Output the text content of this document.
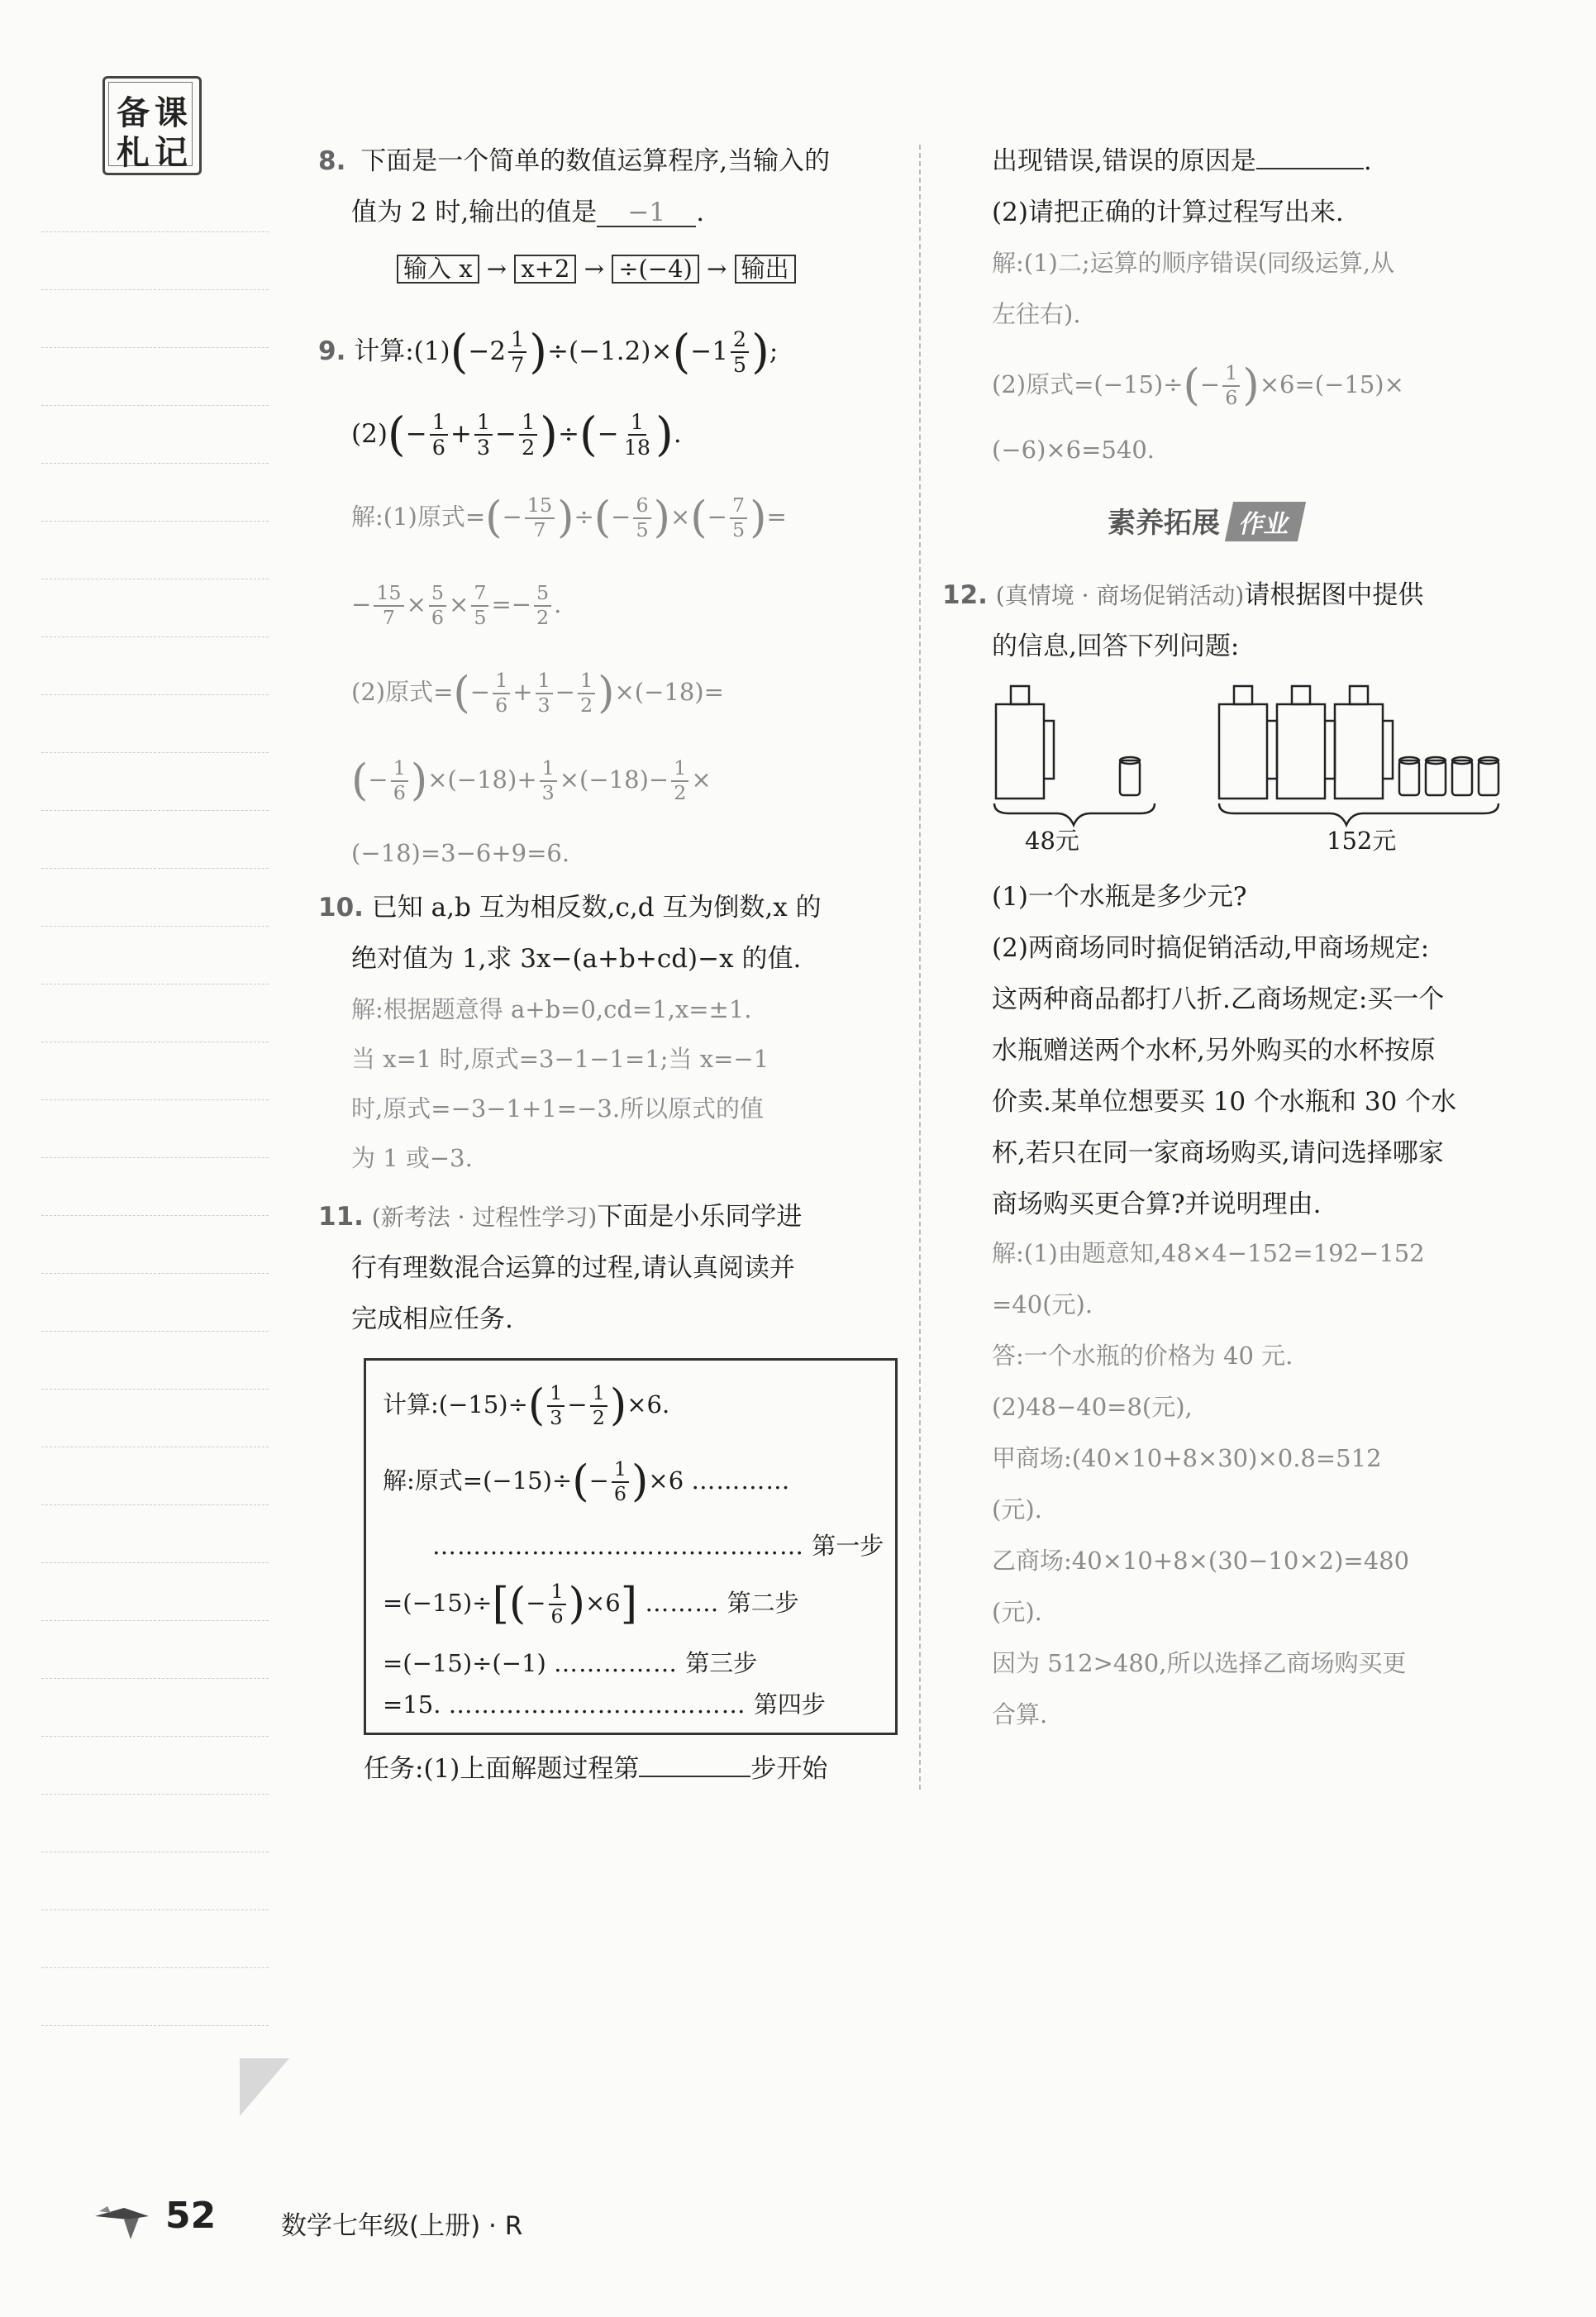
备 课
札 记	8. 下面是一个简单的数值运算程序,当输入的
值为 2 时,输出的值是 −1 .
输入 x → x+2 → ÷(−4) → 输出
9. 计算:(1)(−2 $\frac{1}{7} )\div(-1.2)\times(-1 \frac{2}{5}$ );
$(2)(- \frac{1}{6} + \frac{1}{3} - \frac{1}{2}$ )÷(− $\frac{1}{18}$ ).
解:(1)原式=(− $\frac{15}{7}$ )÷(− $\frac{6}{5}$ )×(− $\frac{7}{5}$ )=
− $\frac{15}{7} \times \frac{5}{6} \times \frac{7}{5} =- \frac{5}{2}$ .
(2)原式=(− $\frac{1}{6} + \frac{1}{3} - \frac{1}{2} )\times(-18)=$
(− $\frac{1}{6} )\times(-18)+ \frac{1}{3} \times(-18)- \frac{1}{2}$ ×
(−18)=3−6+9=6.
10. 已知 a,b 互为相反数,c,d 互为倒数,x 的
绝对值为 1,求 3x−(a+b+cd)−x 的值.
解:根据题意得 a+b=0,cd=1,x=±1.
当 x=1 时,原式=3−1−1=1;当 x=−1
时,原式=−3−1+1=−3.所以原式的值
为 1 或−3.
11. (新考法 · 过程性学习)下面是小乐同学进
行有理数混合运算的过程,请认真阅读并
完成相应任务.
计算:(−15)÷( $\frac{1}{3} - \frac{1}{2} )\times 6$.
解:原式$=(-15)\div(- \frac{1}{6} )\times 6$ …………
……………………………………… 第一步
$=(-15)\div[(- \frac{1}{6} )\times 6]$ ……… 第二步
=(−15)÷(−1) …………… 第三步
=15. ……………………………… 第四步
任务:(1)上面解题过程第	步开始
出现错误,错误的原因是	.
(2)请把正确的计算过程写出来.
解:(1)二;运算的顺序错误(同级运算,从
左往右).
(2)原式$=(-15)\div(- \frac{1}{6} )\times 6=(-15)\times$
(−6)×6=540.
素养拓展 作业
12. (真情境 · 商场促销活动)请根据图中提供
的信息,回答下列问题:
48元	152元
(1)一个水瓶是多少元?
(2)两商场同时搞促销活动,甲商场规定:
这两种商品都打八折.乙商场规定:买一个
水瓶赠送两个水杯,另外购买的水杯按原
价卖.某单位想要买 10 个水瓶和 30 个水
杯,若只在同一家商场购买,请问选择哪家
商场购买更合算?并说明理由.
解:(1)由题意知,48×4−152=192−152
=40(元).
答:一个水瓶的价格为 40 元.
(2)48−40=8(元),
甲商场:(40×10+8×30)×0.8=512
(元).
乙商场:40×10+8×(30−10×2)=480
(元).
因为 512>480,所以选择乙商场购买更
合算.
52	数学七年级(上册) · R
